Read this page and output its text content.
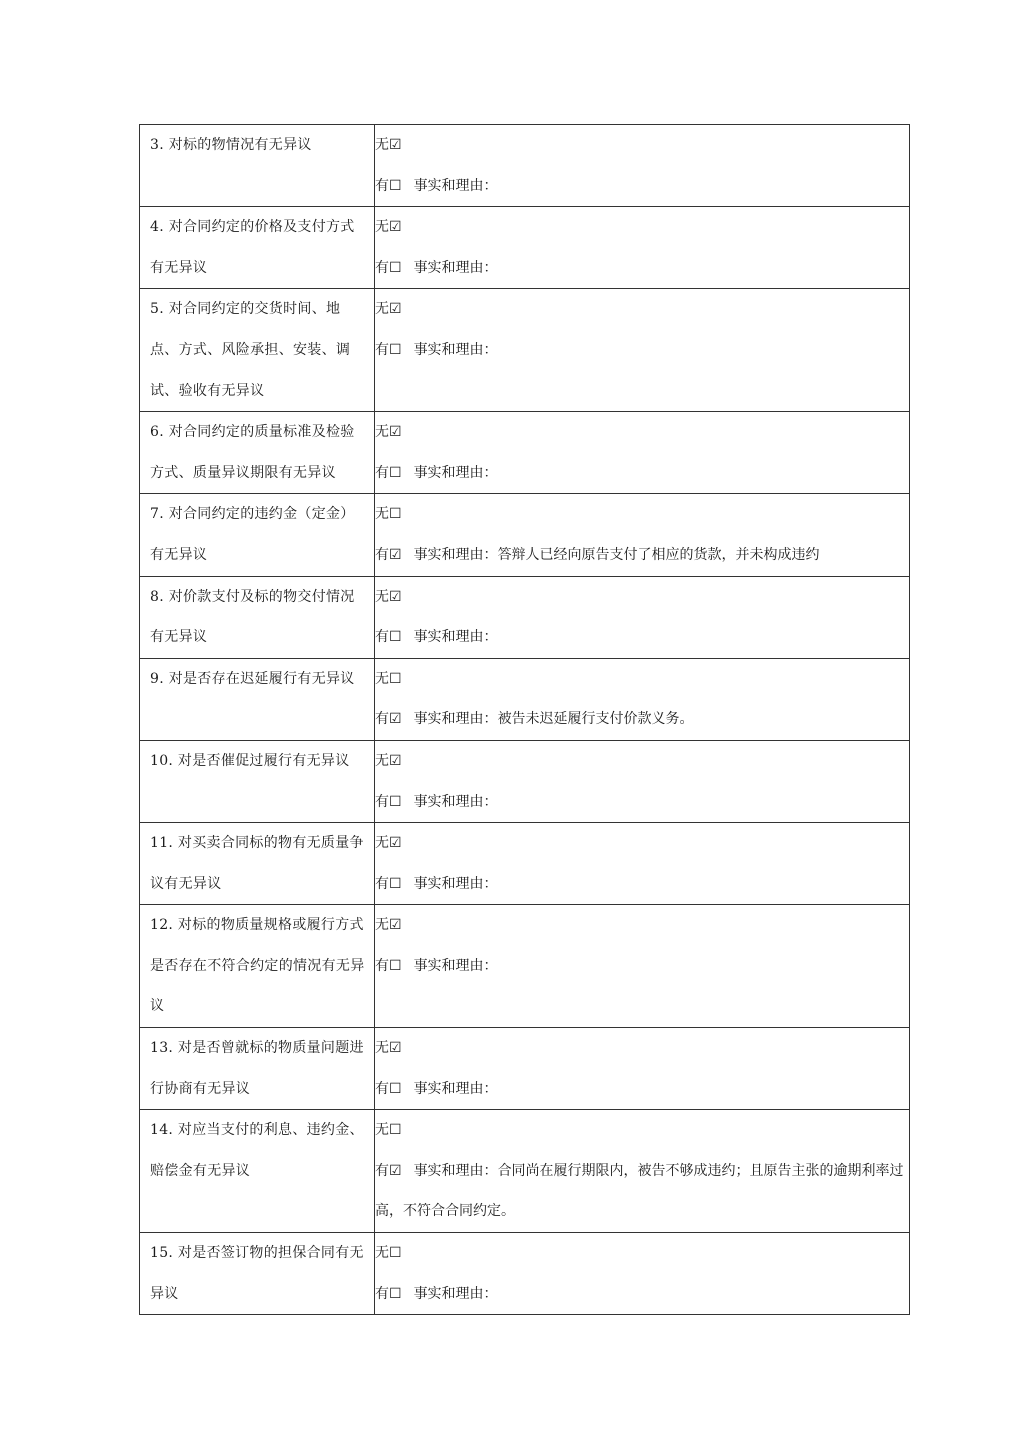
3. 对标的物情况有无异议	无☑
有☐ 事实和理由：

4. 对合同约定的价格及支付方式有无异议	无☑
有☐ 事实和理由：

5. 对合同约定的交货时间、地点、方式、风险承担、安装、调试、验收有无异议	无☑
有☐ 事实和理由：

6. 对合同约定的质量标准及检验方式、质量异议期限有无异议	无☑
有☐ 事实和理由：

7. 对合同约定的违约金（定金）有无异议	无☐
有☑ 事实和理由：答辩人已经向原告支付了相应的货款，并未构成违约

8. 对价款支付及标的物交付情况有无异议	无☑
有☐ 事实和理由：

9. 对是否存在迟延履行有无异议	无☐
有☑ 事实和理由：被告未迟延履行支付价款义务。

10. 对是否催促过履行有无异议	无☑
有☐ 事实和理由：

11. 对买卖合同标的物有无质量争议有无异议	无☑
有☐ 事实和理由：

12. 对标的物质量规格或履行方式是否存在不符合约定的情况有无异议	无☑
有☐ 事实和理由：

13. 对是否曾就标的物质量问题进行协商有无异议	无☑
有☐ 事实和理由：

14. 对应当支付的利息、违约金、赔偿金有无异议	无☐
有☑ 事实和理由：合同尚在履行期限内，被告不够成违约；且原告主张的逾期利率过高，不符合合同约定。

15. 对是否签订物的担保合同有无异议	无☐
有☐ 事实和理由：
